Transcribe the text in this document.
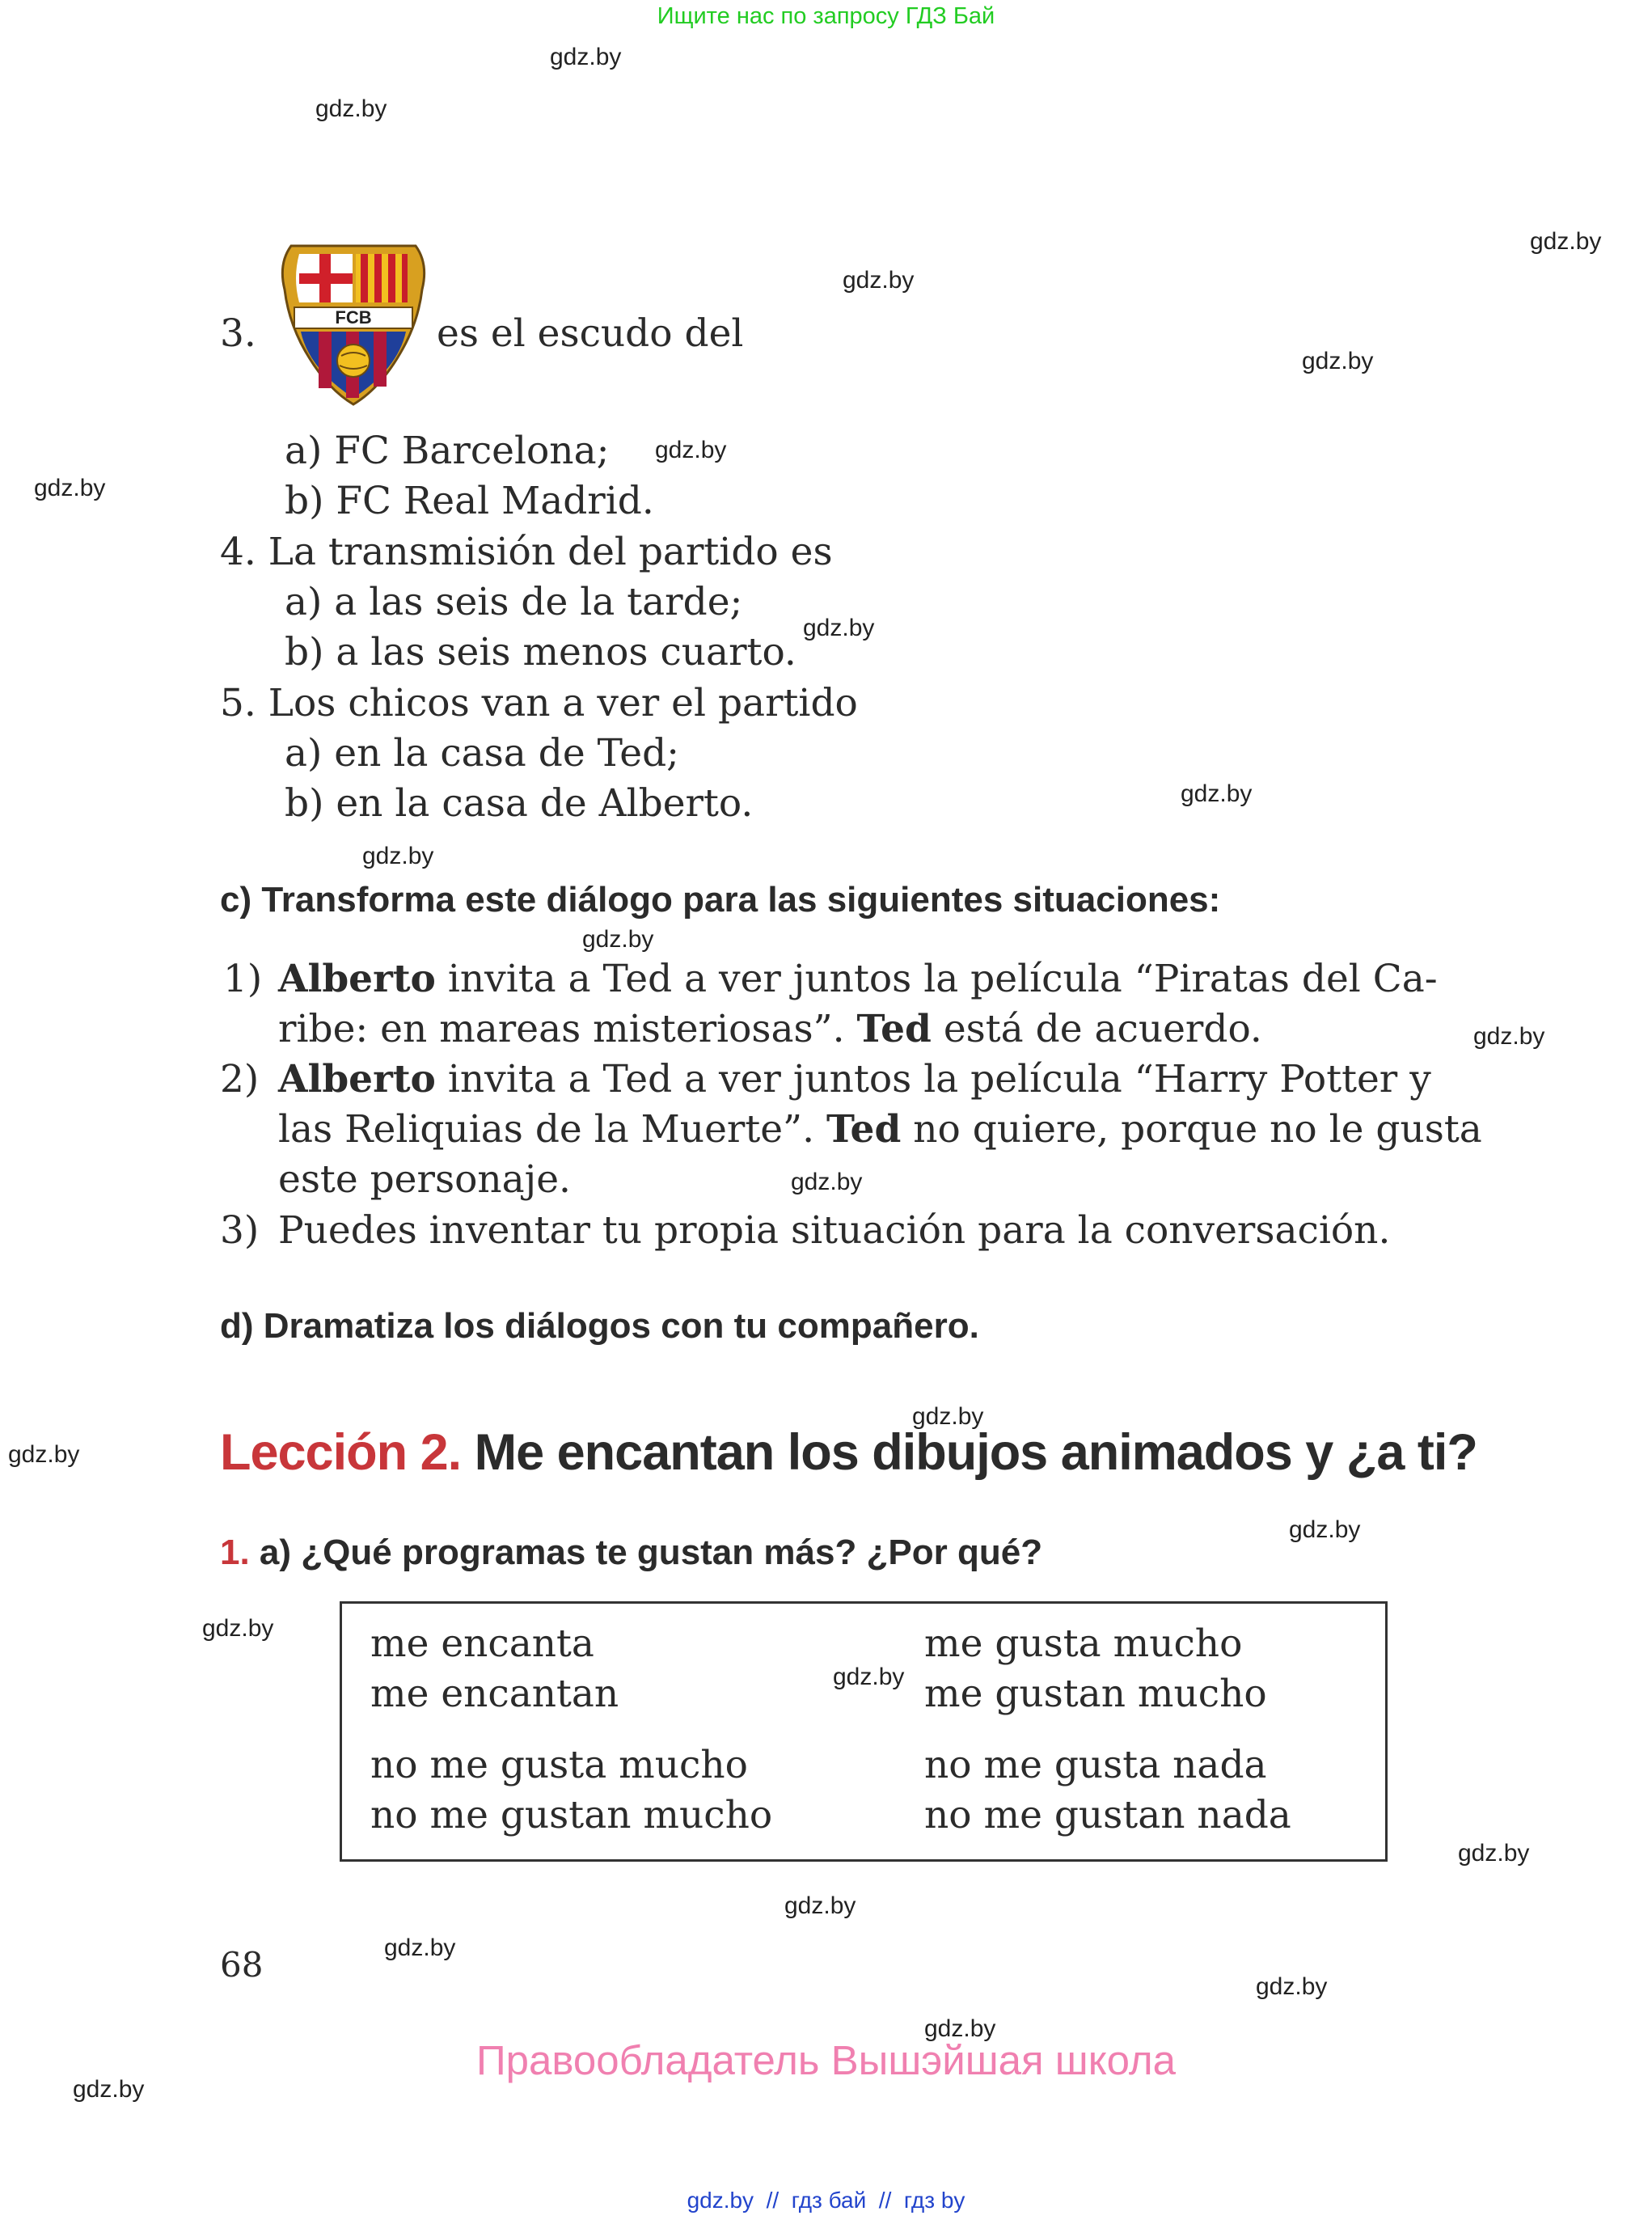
Ищите нас по запросу ГДЗ Бай
gdz.by
gdz.by
gdz.by
gdz.by
gdz.by
gdz.by
gdz.by
gdz.by
gdz.by
gdz.by
gdz.by
gdz.by
gdz.by
gdz.by
gdz.by
gdz.by
gdz.by
gdz.by
gdz.by
gdz.by
gdz.by
gdz.by
gdz.by
gdz.by
3.	FCB es el escudo del
a) FC Barcelona;
b) FC Real Madrid.
4. La transmisión del partido es
a) a las seis de la tarde;
b) a las seis menos cuarto.
5. Los chicos van a ver el partido
a) en la casa de Ted;
b) en la casa de Alberto.
c) Transforma este diálogo para las siguientes situaciones:
1) Alberto invita a Ted a ver juntos la película “Piratas del Ca-
ribe: en mareas misteriosas”. Ted está de acuerdo.
2) Alberto invita a Ted a ver juntos la película “Harry Potter y
las Reliquias de la Muerte”. Ted no quiere, porque no le gusta
este personaje.
3) Puedes inventar tu propia situación para la conversación.
d) Dramatiza los diálogos con tu compañero.
Lección 2. Me encantan los dibujos animados y ¿a ti?
1. a) ¿Qué programas te gustan más? ¿Por qué?
me encanta
me encantan
no me gusta mucho
no me gustan mucho
me gusta mucho
me gustan mucho
no me gusta nada
no me gustan nada
68
Правообладатель Вышэйшая школа
gdz.by  //  гдз бай  //  гдз by
